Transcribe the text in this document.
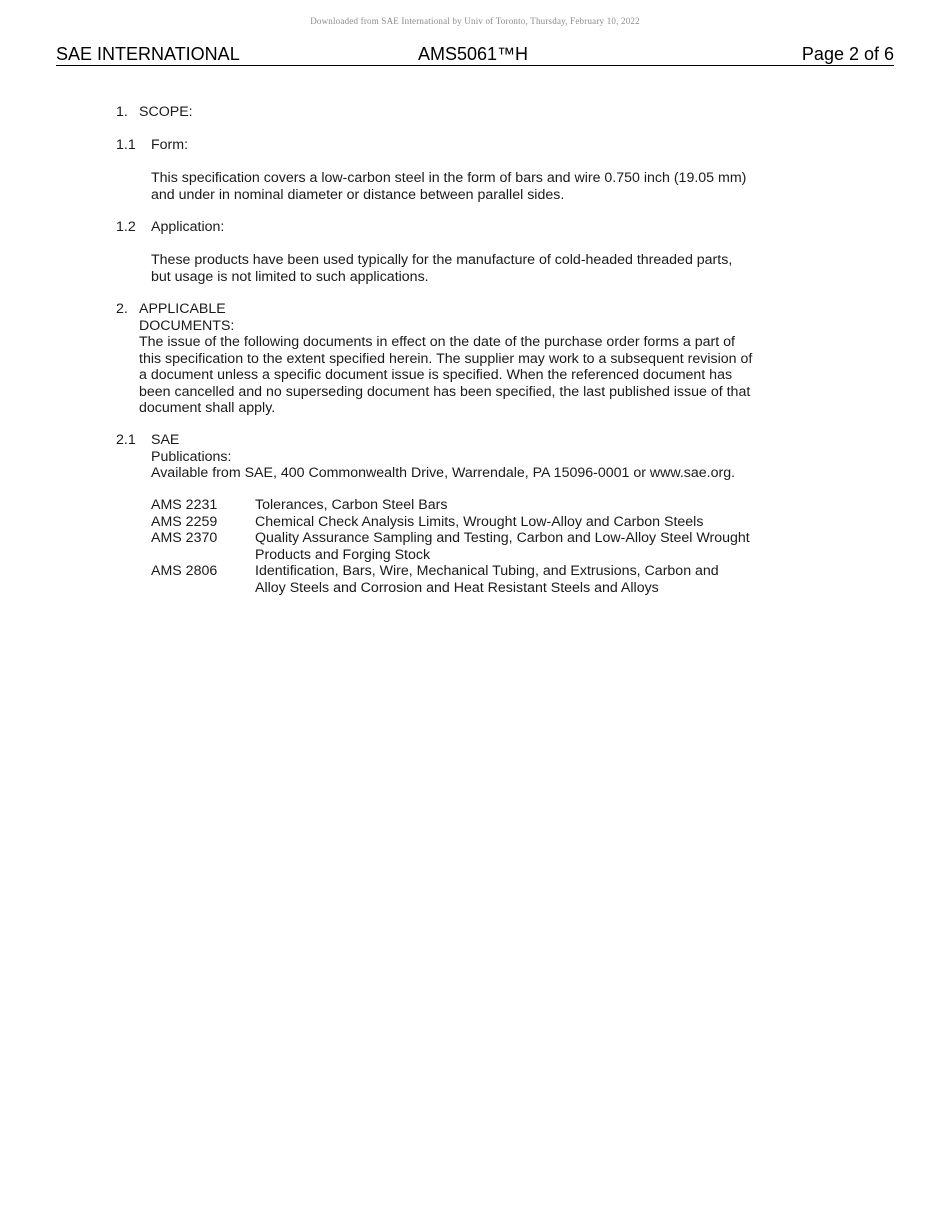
Downloaded from SAE International by Univ of Toronto, Thursday, February 10, 2022
SAE INTERNATIONAL	AMS5061™H	Page 2 of 6
1. SCOPE:
1.1 Form:
This specification covers a low-carbon steel in the form of bars and wire 0.750 inch (19.05 mm)
and under in nominal diameter or distance between parallel sides.
1.2 Application:
These products have been used typically for the manufacture of cold-headed threaded parts,
but usage is not limited to such applications.
2. APPLICABLE DOCUMENTS:
The issue of the following documents in effect on the date of the purchase order forms a part of
this specification to the extent specified herein. The supplier may work to a subsequent revision of
a document unless a specific document issue is specified. When the referenced document has
been cancelled and no superseding document has been specified, the last published issue of that
document shall apply.
2.1 SAE Publications:
Available from SAE, 400 Commonwealth Drive, Warrendale, PA 15096-0001 or www.sae.org.
AMS 2231	Tolerances, Carbon Steel Bars
AMS 2259	Chemical Check Analysis Limits, Wrought Low-Alloy and Carbon Steels
AMS 2370	Quality Assurance Sampling and Testing, Carbon and Low-Alloy Steel Wrought
Products and Forging Stock
AMS 2806	Identification, Bars, Wire, Mechanical Tubing, and Extrusions, Carbon and
Alloy Steels and Corrosion and Heat Resistant Steels and Alloys
